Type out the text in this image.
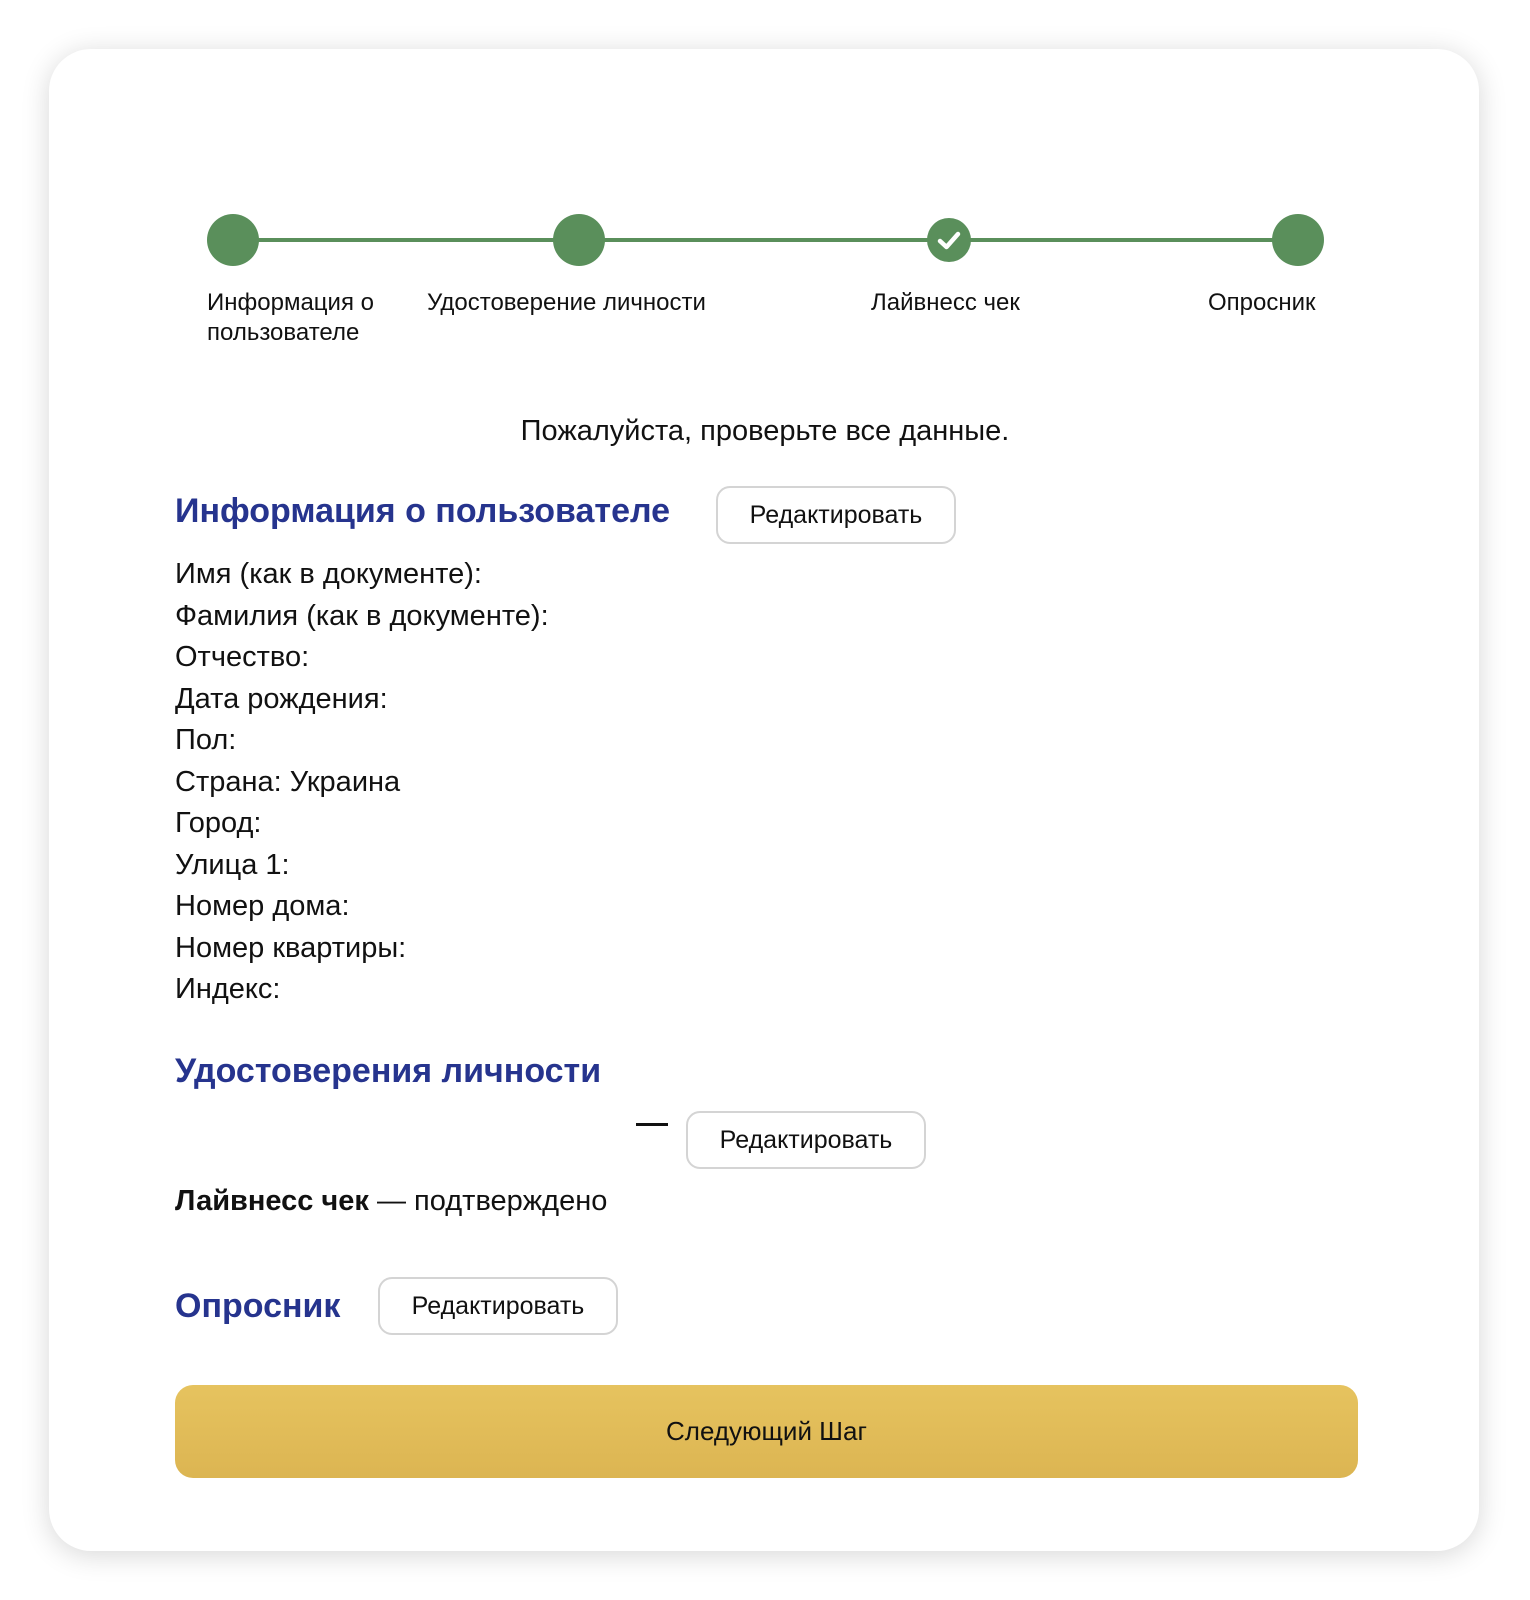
Информация о пользователе
Удостоверение личности	Лайвнесс чек	Опросник
Пожалуйста, проверьте все данные.
Информация о пользователе	Редактировать
Имя (как в документе):
Фамилия (как в документе):
Отчество:
Дата рождения:
Пол:
Страна: Украина
Город:
Улица 1:
Номер дома:
Номер квартиры:
Индекс:
Удостоверения личности
Редактировать
Лайвнесс чек — подтверждено
Опросник	Редактировать
Следующий Шаг
